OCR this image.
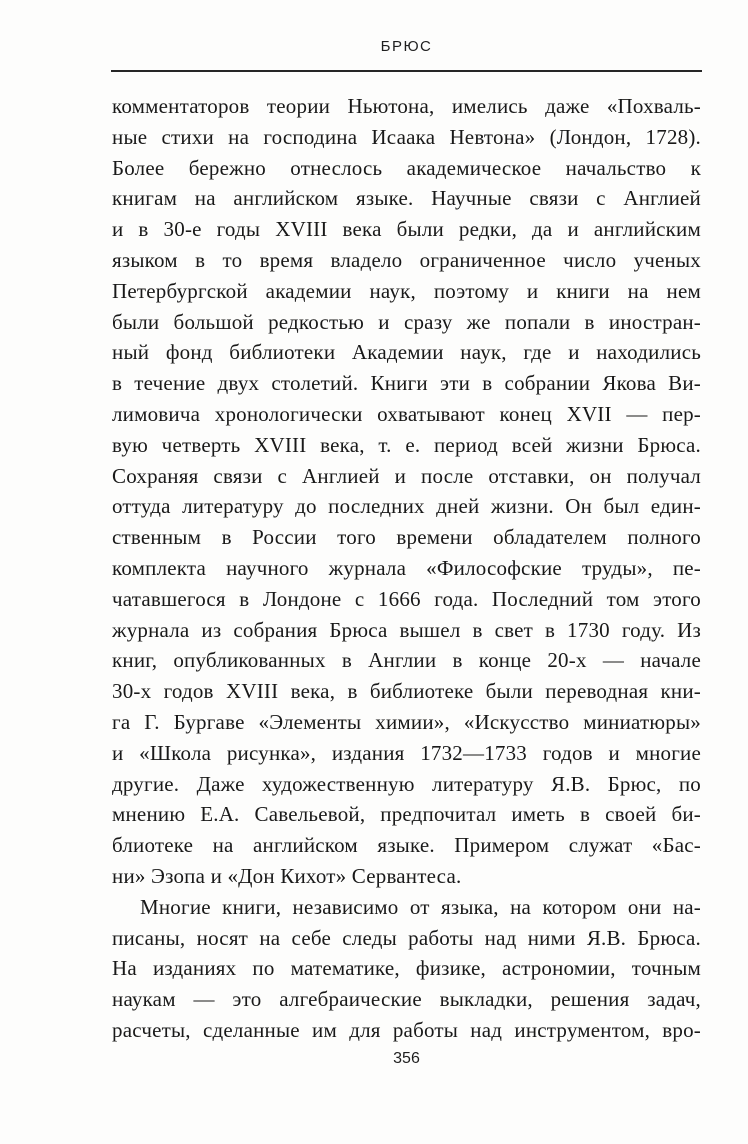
БРЮС
комментаторов теории Ньютона, имелись даже «Похваль-
ные стихи на господина Исаака Невтона» (Лондон, 1728).
Более бережно отнеслось академическое начальство к
книгам на английском языке. Научные связи с Англией
и в 30-е годы XVIII века были редки, да и английским
языком в то время владело ограниченное число ученых
Петербургской академии наук, поэтому и книги на нем
были большой редкостью и сразу же попали в иностран-
ный фонд библиотеки Академии наук, где и находились
в течение двух столетий. Книги эти в собрании Якова Ви-
лимовича хронологически охватывают конец XVII — пер-
вую четверть XVIII века, т. е. период всей жизни Брюса.
Сохраняя связи с Англией и после отставки, он получал
оттуда литературу до последних дней жизни. Он был един-
ственным в России того времени обладателем полного
комплекта научного журнала «Философские труды», пе-
чатавшегося в Лондоне с 1666 года. Последний том этого
журнала из собрания Брюса вышел в свет в 1730 году. Из
книг, опубликованных в Англии в конце 20-х — начале
30-х годов XVIII века, в библиотеке были переводная кни-
га Г. Бургаве «Элементы химии», «Искусство миниатюры»
и «Школа рисунка», издания 1732—1733 годов и многие
другие. Даже художественную литературу Я.В. Брюс, по
мнению Е.А. Савельевой, предпочитал иметь в своей би-
блиотеке на английском языке. Примером служат «Бас-
ни» Эзопа и «Дон Кихот» Сервантеса.
Многие книги, независимо от языка, на котором они на-
писаны, носят на себе следы работы над ними Я.В. Брюса.
На изданиях по математике, физике, астрономии, точным
наукам — это алгебраические выкладки, решения задач,
расчеты, сделанные им для работы над инструментом, вро-
356
